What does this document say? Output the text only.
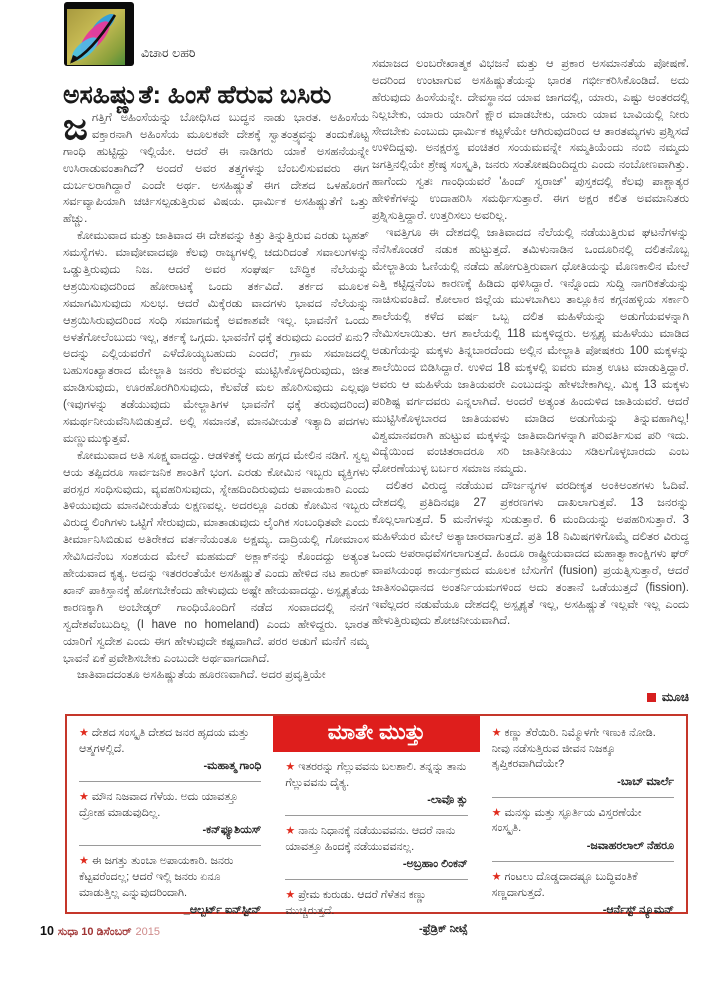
ವಿಚಾರ ಲಹರಿ
ಅಸಹಿಷ್ಣುತೆ: ಹಿಂಸೆ ಹೆರುವ ಬಸಿರು

ಜಗತ್ತಿಗೆ ಅಹಿಂಸೆಯನ್ನು ಬೋಧಿಸಿದ ಬುದ್ಧನ ನಾಡು ಭಾರತ. ಅಹಿಂಸೆಯ ವಕ್ತಾರನಾಗಿ ಅಹಿಂಸೆಯ ಮೂಲಕವೇ ದೇಶಕ್ಕೆ ಸ್ವಾತಂತ್ರ್ಯವನ್ನು ತಂದುಕೊಟ್ಟ ಗಾಂಧಿ ಹುಟ್ಟಿದ್ದು ಇಲ್ಲಿಯೇ. ಆದರೆ ಈ ನಾಡಿಗರು ಯಾಕೆ ಅಸಹನೆಯನ್ನೇ ಉಸಿರಾಡುವಂತಾಗಿದೆ? ಅಂದರೆ ಅವರ ತತ್ತ್ವಗಳನ್ನು ಬೆಂಬಲಿಸುವವರು ಈಗ ದುರ್ಬಲರಾಗಿದ್ದಾರೆ ಎಂದೇ ಅರ್ಥ. ಅಸಹಿಷ್ಣುತೆ ಈಗ ದೇಶದ ಒಳಹೊರಗೆ ಸರ್ವವ್ಯಾಪಿಯಾಗಿ ಚರ್ಚಿಸಲ್ಪಡುತ್ತಿರುವ ವಿಷಯ. ಧಾರ್ಮಿಕ ಅಸಹಿಷ್ಣುತೆಗೆ ಒತ್ತು ಹೆಚ್ಚು.

ಕೋಮುವಾದ ಮತ್ತು ಜಾತಿವಾದ ಈ ದೇಶವನ್ನು ಕಿತ್ತು ತಿನ್ನುತ್ತಿರುವ ಎರಡು ಬೃಹತ್ ಸಮಸ್ಯೆಗಳು. ಮಾವೋವಾದವೂ ಕೆಲವು ರಾಜ್ಯಗಳಲ್ಲಿ ಚದುರಿದಂತೆ ಸವಾಲುಗಳನ್ನು ಒಡ್ಡುತ್ತಿರುವುದು ನಿಜ. ಆದರೆ ಅವರ ಸಂಘರ್ಷ ಬೌದ್ಧಿಕ ನೆಲೆಯನ್ನು ಆಶ್ರಯಿಸುವುದರಿಂದ ಹೋರಾಟಕ್ಕೆ ಒಂದು ತರ್ಕವಿದೆ. ತರ್ಕದ ಮೂಲಕ ಸಮಾಗಮಿಸುವುದು ಸುಲಭ. ಆದರೆ ಮಿಕ್ಕೆರಡು ವಾದಗಳು ಭಾವದ ನೆಲೆಯನ್ನು ಆಶ್ರಯಿಸಿರುವುದರಿಂದ ಸಂಧಿ ಸಮಾಗಮಕ್ಕೆ ಅವಕಾಶವೇ ಇಲ್ಲ. ಭಾವನೆಗೆ ಒಂದು ಅಳತೆಗೋಲೆಂಬುದು ಇಲ್ಲ, ತರ್ಕಕ್ಕೆ ಒಗ್ಗದು. ಭಾವನೆಗೆ ಧಕ್ಕೆ ತರುವುದು ಎಂದರೆ ಏನು? ಅದನ್ನು ಎಲ್ಲಿಯವರೆಗೆ ಎಳೆದೊಯ್ಯಬಹುದು ಎಂದರೆ; ಗ್ರಾಮ ಸಮಾಜದಲ್ಲಿ ಬಹುಸಂಖ್ಯಾತರಾದ ಮೇಲ್ಜಾತಿ ಜನರು ಕೆಲವರನ್ನು ಮುಟ್ಟಿಸಿಕೊಳ್ಳದಿರುವುದು, ಜೀತ ಮಾಡಿಸುವುದು, ಊರಹೊರಗಿರಿಸುವುದು, ಕೆಲವೆಡೆ ಮಲ ಹೊರಿಸುವುದು ಎಲ್ಲವೂ (ಇವುಗಳನ್ನು ತಡೆಯುವುದು ಮೇಲ್ಜಾತಿಗಳ ಭಾವನೆಗೆ ಧಕ್ಕೆ ತರುವುದರಿಂದ) ಸಮರ್ಥನೀಯವೆನಿಸಿಬಿಡುತ್ತದೆ. ಅಲ್ಲಿ ಸಮಾನತೆ, ಮಾನವೀಯತೆ ಇತ್ಯಾದಿ ಪದಗಳು ಮಣ್ಣುಮುಕ್ಕುತ್ತವೆ.

ಕೋಮುವಾದ ಅತಿ ಸೂಕ್ಷ್ಮವಾದದ್ದು. ಆಡಳಿತಕ್ಕೆ ಅದು ಹಗ್ಗದ ಮೇಲಿನ ನಡಿಗೆ. ಸ್ವಲ್ಪ ಆಯ ತಪ್ಪಿದರೂ ಸಾರ್ವಜನಿಕ ಶಾಂತಿಗೆ ಭಂಗ. ಎರಡು ಕೋಮಿನ ಇಬ್ಬರು ವ್ಯಕ್ತಿಗಳು ಪರಸ್ಪರ ಸಂಧಿಸುವುದು, ವ್ಯವಹರಿಸುವುದು, ಸ್ನೇಹದಿಂದಿರುವುದು ಅಪಾಯಕಾರಿ ಎಂದು ತಿಳಿಯುವುದು ಮಾನವೀಯತೆಯ ಲಕ್ಷಣವಲ್ಲ. ಅದರಲ್ಲೂ ಎರಡು ಕೋಮಿನ ಇಬ್ಬರು ವಿರುದ್ಧ ಲಿಂಗಿಗಳು ಒಟ್ಟಿಗೆ ಸೇರುವುದು, ಮಾತಾಡುವುದು ಲೈಂಗಿಕ ಸಂಬಂಧಿತವೇ ಎಂದು ತೀರ್ಮಾನಿಸಿಬಿಡುವ ಅತಿರೇಕದ ವರ್ತನೆಯಂತೂ ಅಕ್ಷಮ್ಯ. ದಾದ್ರಿಯಲ್ಲಿ ಗೋಮಾಂಸ ಸೇವಿಸಿದನೆಂಬ ಸಂಶಯದ ಮೇಲೆ ಮಹಮದ್ ಅಕ್ಲಾಕ್‌ನನ್ನು ಕೊಂದದ್ದು ಅತ್ಯಂತ ಹೇಯವಾದ ಕೃತ್ಯ. ಅದನ್ನು ಇತರರಂತೆಯೇ ಅಸಹಿಷ್ಣುತೆ ಎಂದು ಹೇಳಿದ ನಟ ಶಾರುಕ್ ಖಾನ್ ಪಾಕಿಸ್ತಾನಕ್ಕೆ ಹೋಗಬೇಕೆಂದು ಹೇಳುವುದು ಅಷ್ಟೇ ಹೇಯವಾದದ್ದು. ಅಸ್ಪೃಶ್ಯತೆಯ ಕಾರಣಕ್ಕಾಗಿ ಅಂಬೇಡ್ಕರ್ ಗಾಂಧಿಯೊಂದಿಗೆ ನಡೆದ ಸಂವಾದದಲ್ಲಿ ನನಗೆ ಸ್ವದೇಶವೆಂಬುದಿಲ್ಲ (I have no homeland) ಎಂದು ಹೇಳಿದ್ದರು. ಭಾರತ ಯಾರಿಗೆ ಸ್ವದೇಶ ಎಂದು ಈಗ ಹೇಳುವುದೇ ಕಷ್ಟವಾಗಿದೆ. ಪರರ ಅಡುಗೆ ಮನೆಗೆ ನಮ್ಮ ಭಾವನೆ ಏಕೆ ಪ್ರವೇಶಿಸಬೇಕು ಎಂಬುದೇ ಅರ್ಥವಾಗದಾಗಿದೆ.

ಜಾತಿವಾದದಂತೂ ಅಸಹಿಷ್ಣುತೆಯ ಹೂರಣವಾಗಿದೆ. ಅದರ ಪ್ರವೃತ್ತಿಯೇ

ಸಮಾಜದ ಲಂಬರೇಖಾತ್ಮಕ ವಿಭಜನೆ ಮತ್ತು ಆ ಪ್ರಕಾರ ಅಸಮಾನತೆಯ ಪೋಷಣೆ. ಅದರಿಂದ ಉಂಟಾಗುವ ಅಸಹಿಷ್ಣುತೆಯನ್ನು ಭಾರತ ಗರ್ಭೀಕರಿಸಿಕೊಂಡಿದೆ. ಅದು ಹೆರುವುದು ಹಿಂಸೆಯನ್ನೇ. ದೇವಸ್ಥಾನದ ಯಾವ ಜಾಗದಲ್ಲಿ, ಯಾರು, ಎಷ್ಟು ಅಂತರದಲ್ಲಿ ನಿಲ್ಲಬೇಕು, ಯಾರು ಯಾರಿಗೆ ಕ್ಷೌರ ಮಾಡಬೇಕು, ಯಾರು ಯಾವ ಬಾವಿಯಲ್ಲಿ ನೀರು ಸೇದಬೇಕು ಎಂಬುದು ಧಾರ್ಮಿಕ ಕಟ್ಟಳೆಯೇ ಆಗಿರುವುದರಿಂದ ಆ ತಾರತಮ್ಯಗಳು ಪ್ರಶ್ನಿಸದೆ ಉಳಿದಿದ್ದವು. ಅನಕ್ಷರಸ್ಥ ವಂಚಿತರ ಸಂಯಮವನ್ನೇ ಸಮ್ಮತಿಯೆಂದು ನಂಬಿ ನಮ್ಮದು ಜಗತ್ತಿನಲ್ಲಿಯೇ ಶ್ರೇಷ್ಠ ಸಂಸ್ಕೃತಿ, ಜನರು ಸಂತೋಷದಿಂದಿದ್ದರು ಎಂದು ನಂಬೋಣವಾಗಿತ್ತು. ಹಾಗೆಂದು ಸ್ವತಃ ಗಾಂಧಿಯವರೆ 'ಹಿಂದ್ ಸ್ವರಾಜ್' ಪುಸ್ತಕದಲ್ಲಿ ಕೆಲವು ಪಾಶ್ಚಾತ್ಯರ ಹೇಳಿಕೆಗಳನ್ನು ಉದಾಹರಿಸಿ ಸಮರ್ಥಿಸುತ್ತಾರೆ. ಈಗ ಅಕ್ಷರ ಕಲಿತ ಅವಮಾನಿತರು ಪ್ರಶ್ನಿಸುತ್ತಿದ್ದಾರೆ. ಉತ್ತರಿಸಲು ಅವರಿಲ್ಲ.

ಇವತ್ತಿಗೂ ಈ ದೇಶದಲ್ಲಿ ಜಾತಿವಾದದ ನೆಲೆಯಲ್ಲಿ ನಡೆಯುತ್ತಿರುವ ಘಟನೆಗಳನ್ನು ನೆನೆಸಿಕೊಂಡರೆ ನಡುಕ ಹುಟ್ಟುತ್ತದೆ. ತಮಿಳುನಾಡಿನ ಒಂದೂರಿನಲ್ಲಿ ದಲಿತನೊಬ್ಬ ಮೇಲ್ಜಾತಿಯ ಓಣಿಯಲ್ಲಿ ನಡೆದು ಹೋಗುತ್ತಿರುವಾಗ ಧೋತಿಯನ್ನು ಮೊಣಕಾಲಿನ ಮೇಲೆ ಎತ್ತಿ ಕಟ್ಟಿದ್ದನೆಂಬ ಕಾರಣಕ್ಕೆ ಹಿಡಿದು ಥಳಿಸಿದ್ದಾರೆ. ಇನ್ನೊಂದು ಸುದ್ದಿ ನಾಗರಿಕತೆಯನ್ನು ನಾಚಿಸುವಂತಿದೆ. ಕೋಲಾರ ಜಿಲ್ಲೆಯ ಮುಳಬಾಗಿಲು ತಾಲ್ಲೂಕಿನ ಕಗ್ಗನಹಳ್ಳಿಯ ಸರ್ಕಾರಿ ಶಾಲೆಯಲ್ಲಿ ಕಳೆದ ವರ್ಷ ಒಬ್ಬ ದಲಿತ ಮಹಿಳೆಯನ್ನು ಅಡುಗೆಯವಳನ್ನಾಗಿ ನೇಮಿಸಲಾಯಿತು. ಆಗ ಶಾಲೆಯಲ್ಲಿ 118 ಮಕ್ಕಳಿದ್ದರು. ಅಸ್ಪೃಶ್ಯ ಮಹಿಳೆಯು ಮಾಡಿದ ಅಡುಗೆಯನ್ನು ಮಕ್ಕಳು ತಿನ್ನಬಾರದೆಂದು ಅಲ್ಲಿನ ಮೇಲ್ಜಾತಿ ಪೋಷಕರು 100 ಮಕ್ಕಳನ್ನು ಶಾಲೆಯಿಂದ ಬಿಡಿಸಿದ್ದಾರೆ. ಉಳಿದ 18 ಮಕ್ಕಳಲ್ಲಿ ಐವರು ಮಾತ್ರ ಊಟ ಮಾಡುತ್ತಿದ್ದಾರೆ. ಅವರು ಆ ಮಹಿಳೆಯ ಜಾತಿಯವರೇ ಎಂಬುದನ್ನು ಹೇಳಬೇಕಾಗಿಲ್ಲ. ಮಿಕ್ಕ 13 ಮಕ್ಕಳು ಪರಿಶಿಷ್ಟ ವರ್ಗದವರು ಎನ್ನಲಾಗಿದೆ. ಅಂದರೆ ಅತ್ಯಂತ ಹಿಂದುಳಿದ ಜಾತಿಯವರೆ. ಆದರೆ ಮುಟ್ಟಿಸಿಕೊಳ್ಳಬಾರದ ಜಾತಿಯವಳು ಮಾಡಿದ ಅಡುಗೆಯನ್ನು ತಿನ್ನುವಹಾಗಿಲ್ಲ! ವಿಶ್ವಮಾನವರಾಗಿ ಹುಟ್ಟುವ ಮಕ್ಕಳನ್ನು ಜಾತಿವಾದಿಗಳನ್ನಾಗಿ ಪರಿವರ್ತಿಸುವ ಪರಿ ಇದು. ವಿದ್ಯೆಯಿಂದ ವಂಚಿತರಾದರೂ ಸರಿ ಜಾತಿನೀತಿಯು ಸಡಿಲಗೊಳ್ಳಬಾರದು ಎಂಬ ಧೋರಣೆಯುಳ್ಳ ಬರ್ಬರ ಸಮಾಜ ನಮ್ಮದು.

ದಲಿತರ ವಿರುದ್ಧ ನಡೆಯುವ ದೌರ್ಜನ್ಯಗಳ ವರದೀಕೃತ ಅಂಕಿಅಂಶಗಳು ಓದಿವೆ. ದೇಶದಲ್ಲಿ ಪ್ರತಿದಿನವೂ 27 ಪ್ರಕರಣಗಳು ದಾಖಲಾಗುತ್ತವೆ. 13 ಜನರನ್ನು ಕೊಲ್ಲಲಾಗುತ್ತದೆ. 5 ಮನೆಗಳನ್ನು ಸುಡುತ್ತಾರೆ. 6 ಮಂದಿಯನ್ನು ಅಪಹರಿಸುತ್ತಾರೆ. 3 ಮಹಿಳೆಯರ ಮೇಲೆ ಅತ್ಯಾಚಾರವಾಗುತ್ತದೆ. ಪ್ರತಿ 18 ನಿಮಿಷಗಳಿಗೊಮ್ಮೆ ದಲಿತರ ವಿರುದ್ಧ ಒಂದು ಅಪರಾಧವೆಸಗಲಾಗುತ್ತದೆ. ಹಿಂದೂ ರಾಷ್ಟ್ರೀಯವಾದದ ಮಹಾತ್ವಾಕಾಂಕ್ಷಿಗಳು ಘರ್ ವಾಪಸಿಯಂಥ ಕಾರ್ಯಕ್ರಮದ ಮೂಲಕ ಬೆಸುಗೆಗೆ (fusion) ಪ್ರಯತ್ನಿಸುತ್ತಾರೆ, ಆದರೆ ಜಾತಿಸಂವಿಧಾನದ ಅಂತರ್ನಿಯಮಗಳಿಂದ ಅದು ತಂತಾನೆ ಒಡೆಯುತ್ತದೆ (fission). ಇವೆಲ್ಲದರ ನಡುವೆಯೂ ದೇಶದಲ್ಲಿ ಅಸ್ಪೃಶ್ಯತೆ ಇಲ್ಲ, ಅಸಹಿಷ್ಣುತೆ ಇಲ್ಲವೇ ಇಲ್ಲ ಎಂದು ಹೇಳುತ್ತಿರುವುದು ಶೋಚನೀಯವಾಗಿದೆ.

ಮೂಚಿ
★ ದೇಶದ ಸಂಸ್ಕೃತಿ ದೇಶದ ಜನರ ಹೃದಯ ಮತ್ತು ಆತ್ಮಗಳಲ್ಲಿದೆ.
-ಮಹಾತ್ಮ ಗಾಂಧಿ
★ ಮೌನ ನಿಜವಾದ ಗೆಳೆಯ. ಅದು ಯಾವತ್ತೂ ದ್ರೋಹ ಮಾಡುವುದಿಲ್ಲ.
-ಕನ್‌ಫ್ಯೂಶಿಯಸ್
★ ಈ ಜಗತ್ತು ತುಂಬಾ ಅಪಾಯಕಾರಿ. ಜನರು ಕೆಟ್ಟವರೆಂದಲ್ಲ; ಆದರೆ ಇಲ್ಲಿ ಜನರು ಏನೂ ಮಾಡುತ್ತಿಲ್ಲ ಎನ್ನುವುದರಿಂದಾಗಿ.
_ಆಲ್ಬರ್ಟ್ ಐನ್‌ಸ್ಟೀನ್
ಮಾತೇ ಮುತ್ತು
★ ಇತರರನ್ನು ಗೆಲ್ಲುವವನು ಬಲಶಾಲಿ. ತನ್ನನ್ನು ತಾನು ಗೆಲ್ಲುವವನು ದೈತ್ಯ.
-ಲಾವೊ ತ್ಸು
★ ನಾನು ನಿಧಾನಕ್ಕೆ ನಡೆಯುವವನು. ಆದರೆ ನಾನು ಯಾವತ್ತೂ ಹಿಂದಕ್ಕೆ ನಡೆಯುವವನಲ್ಲ.
-ಅಬ್ರಹಾಂ ಲಿಂಕನ್
★ ಪ್ರೇಮ ಕುರುಡು. ಆದರೆ ಗೆಳೆತನ ಕಣ್ಣು ಮುಚ್ಚಿರುತ್ತದೆ.
-ಫ್ರೆಡ್ರಿಕ್ ನೀಟ್ಸೆ
★ ಕಣ್ಣು ತೆರೆಯಿರಿ. ನಿಮ್ಮೊಳಗೇ ಇಣುಕಿ ನೋಡಿ. ನೀವು ನಡೆಸುತ್ತಿರುವ ಜೀವನ ನಿಜಕ್ಕೂ ತೃಪ್ತಿಕರವಾಗಿದೆಯೇ?
-ಬಾಬ್ ಮಾರ್ಲೆ
★ ಮನಸ್ಸು ಮತ್ತು ಸ್ಫೂರ್ತಿಯ ವಿಸ್ತರಣೆಯೇ ಸಂಸ್ಕೃತಿ.
-ಜವಾಹರಲಾಲ್ ನೆಹರೂ
★ ಗಂಟಲು ದೊಡ್ಡದಾದಷ್ಟೂ ಬುದ್ಧಿವಂತಿಕೆ ಸಣ್ಣದಾಗುತ್ತದೆ.
-ಆರ್ನೆಸ್ಟ್ ನ್ಯೂಮನ್
10 ಸುಧಾ 10 ಡಿಸೆಂಬರ್ 2015
